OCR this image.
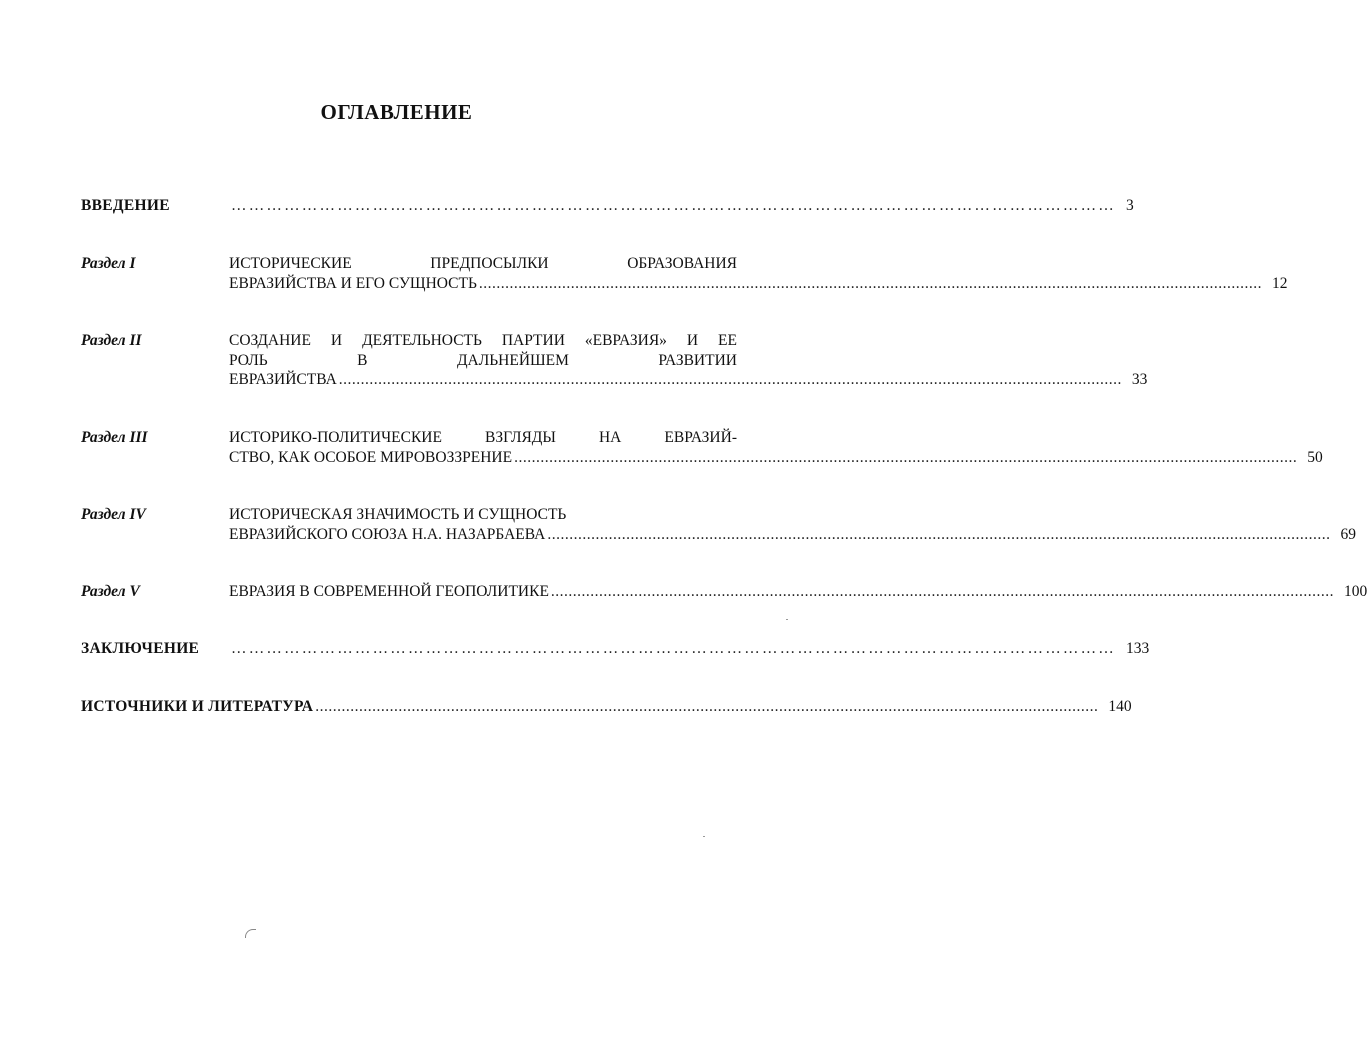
ОГЛАВЛЕНИЕ
ВВЕДЕНИЕ	…………………………………………………………………………………………………………………………………… 3
Раздел I	ИСТОРИЧЕСКИЕ ПРЕДПОСЫЛКИ ОБРАЗОВАНИЯ
ЕВРАЗИЙСТВА И ЕГО СУЩНОСТЬ ................................................................................................................................................................................... 12
Раздел II	СОЗДАНИЕ И ДЕЯТЕЛЬНОСТЬ ПАРТИИ «ЕВРАЗИЯ» И ЕЕ
РОЛЬ В ДАЛЬНЕЙШЕМ РАЗВИТИИ
ЕВРАЗИЙСТВА ................................................................................................................................................................................... 33
Раздел III	ИСТОРИКО-ПОЛИТИЧЕСКИЕ ВЗГЛЯДЫ НА ЕВРАЗИЙ-
СТВО, КАК ОСОБОЕ МИРОВОЗЗРЕНИЕ ................................................................................................................................................................................... 50
Раздел IV	ИСТОРИЧЕСКАЯ ЗНАЧИМОСТЬ И СУЩНОСТЬ
ЕВРАЗИЙСКОГО СОЮЗА Н.А. НАЗАРБАЕВА ................................................................................................................................................................................... 69
Раздел V	ЕВРАЗИЯ В СОВРЕМЕННОЙ ГЕОПОЛИТИКЕ ................................................................................................................................................................................... 100
ЗАКЛЮЧЕНИЕ …………………………………………………………………………………………………………………………………… 133
ИСТОЧНИКИ И ЛИТЕРАТУРА ................................................................................................................................................................................... 140
